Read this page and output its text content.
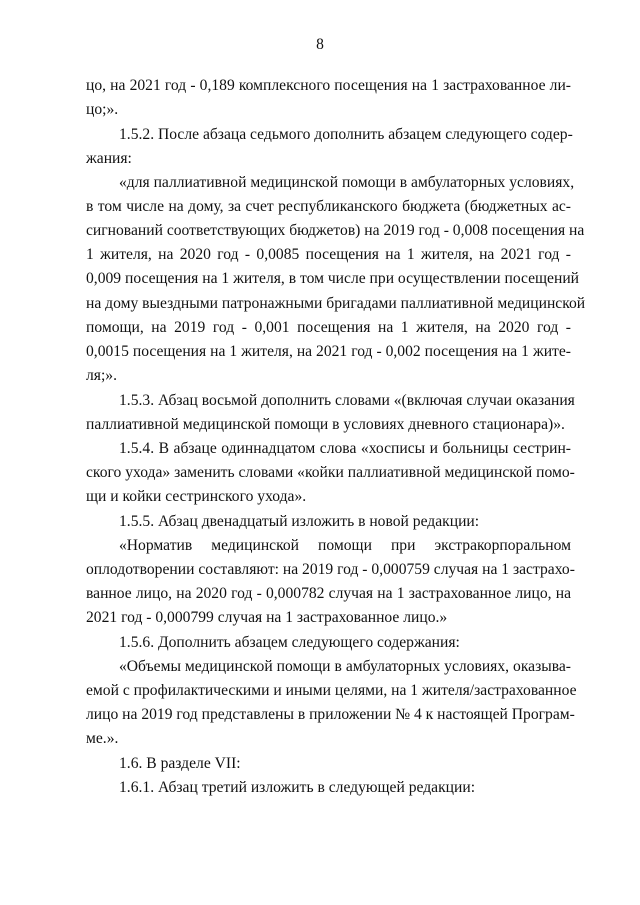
8
цо, на 2021 год - 0,189 комплексного посещения на 1 застрахованное ли-
цо;».
1.5.2. После абзаца седьмого дополнить абзацем следующего содер-
жания:
«для паллиативной медицинской помощи в амбулаторных условиях,
в том числе на дому, за счет республиканского бюджета (бюджетных ас-
сигнований соответствующих бюджетов) на 2019 год - 0,008 посещения на
1 жителя, на 2020 год - 0,0085 посещения на 1 жителя, на 2021 год -
0,009 посещения на 1 жителя, в том числе при осуществлении посещений
на дому выездными патронажными бригадами паллиативной медицинской
помощи, на 2019 год - 0,001 посещения на 1 жителя, на 2020 год -
0,0015 посещения на 1 жителя, на 2021 год - 0,002 посещения на 1 жите-
ля;».
1.5.3. Абзац восьмой дополнить словами «(включая случаи оказания
паллиативной медицинской помощи в условиях дневного стационара)».
1.5.4. В абзаце одиннадцатом слова «хосписы и больницы сестрин-
ского ухода» заменить словами «койки паллиативной медицинской помо-
щи и койки сестринского ухода».
1.5.5. Абзац двенадцатый изложить в новой редакции:
«Норматив медицинской помощи при экстракорпоральном
оплодотворении составляют: на 2019 год - 0,000759 случая на 1 застрахо-
ванное лицо, на 2020 год - 0,000782 случая на 1 застрахованное лицо, на
2021 год - 0,000799 случая на 1 застрахованное лицо.»
1.5.6. Дополнить абзацем следующего содержания:
«Объемы медицинской помощи в амбулаторных условиях, оказыва-
емой с профилактическими и иными целями, на 1 жителя/застрахованное
лицо на 2019 год представлены в приложении № 4 к настоящей Програм-
ме.».
1.6. В разделе VII:
1.6.1. Абзац третий изложить в следующей редакции:
